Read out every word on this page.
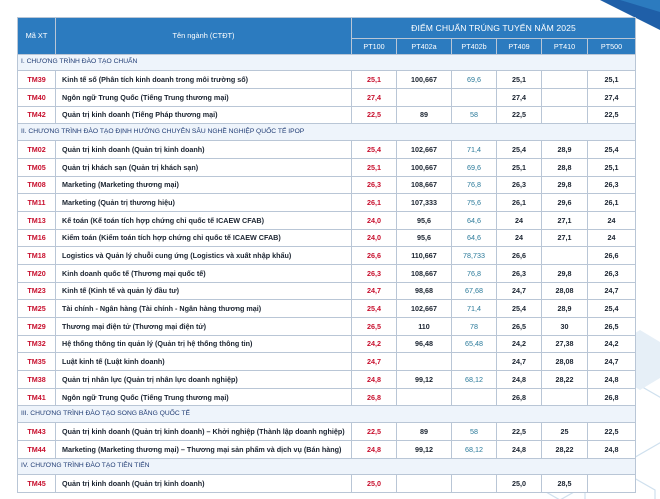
Mã XT	Tên ngành (CTĐT)	ĐIỂM CHUẨN TRÚNG TUYỂN NĂM 2025					
		PT100	PT402a	PT402b	PT409	PT410	PT500
I. CHƯƠNG TRÌNH ĐÀO TẠO CHUẨN							
TM39	Kinh tế số (Phân tích kinh doanh trong môi trường số)	25,1	100,667	69,6	25,1		25,1
TM40	Ngôn ngữ Trung Quốc (Tiếng Trung thương mại)	27,4			27,4		27,4
TM42	Quản trị kinh doanh (Tiếng Pháp thương mại)	22,5	89	58	22,5		22,5
II. CHƯƠNG TRÌNH ĐÀO TẠO ĐỊNH HƯỚNG CHUYÊN SÂU NGHỀ NGHIỆP QUỐC TẾ IPOP							
TM02	Quản trị kinh doanh (Quản trị kinh doanh)	25,4	102,667	71,4	25,4	28,9	25,4
TM05	Quản trị khách sạn (Quản trị khách sạn)	25,1	100,667	69,6	25,1	28,8	25,1
TM08	Marketing (Marketing thương mại)	26,3	108,667	76,8	26,3	29,8	26,3
TM11	Marketing (Quản trị thương hiệu)	26,1	107,333	75,6	26,1	29,6	26,1
TM13	Kế toán (Kế toán tích hợp chứng chỉ quốc tế ICAEW CFAB)	24,0	95,6	64,6	24	27,1	24
TM16	Kiểm toán (Kiểm toán tích hợp chứng chỉ quốc tế ICAEW CFAB)	24,0	95,6	64,6	24	27,1	24
TM18	Logistics và Quản lý chuỗi cung ứng (Logistics và xuất nhập khẩu)	26,6	110,667	78,733	26,6		26,6
TM20	Kinh doanh quốc tế (Thương mại quốc tế)	26,3	108,667	76,8	26,3	29,8	26,3
TM23	Kinh tế (Kinh tế và quản lý đầu tư)	24,7	98,68	67,68	24,7	28,08	24,7
TM25	Tài chính - Ngân hàng (Tài chính - Ngân hàng thương mại)	25,4	102,667	71,4	25,4	28,9	25,4
TM29	Thương mại điện tử (Thương mại điện tử)	26,5	110	78	26,5	30	26,5
TM32	Hệ thống thông tin quản lý (Quản trị hệ thống thông tin)	24,2	96,48	65,48	24,2	27,38	24,2
TM35	Luật kinh tế (Luật kinh doanh)	24,7			24,7	28,08	24,7
TM38	Quản trị nhân lực (Quản trị nhân lực doanh nghiệp)	24,8	99,12	68,12	24,8	28,22	24,8
TM41	Ngôn ngữ Trung Quốc (Tiếng Trung thương mại)	26,8			26,8		26,8
III. CHƯƠNG TRÌNH ĐÀO TẠO SONG BẰNG QUỐC TẾ							
TM43	Quản trị kinh doanh (Quản trị kinh doanh) – Khởi nghiệp (Thành lập doanh nghiệp)	22,5	89	58	22,5	25	22,5
TM44	Marketing (Marketing thương mại) – Thương mại sản phẩm và dịch vụ (Bán hàng)	24,8	99,12	68,12	24,8	28,22	24,8
IV. CHƯƠNG TRÌNH ĐÀO TẠO TIÊN TIẾN							
TM45	Quản trị kinh doanh (Quản trị kinh doanh)	25,0			25,0	28,5	
